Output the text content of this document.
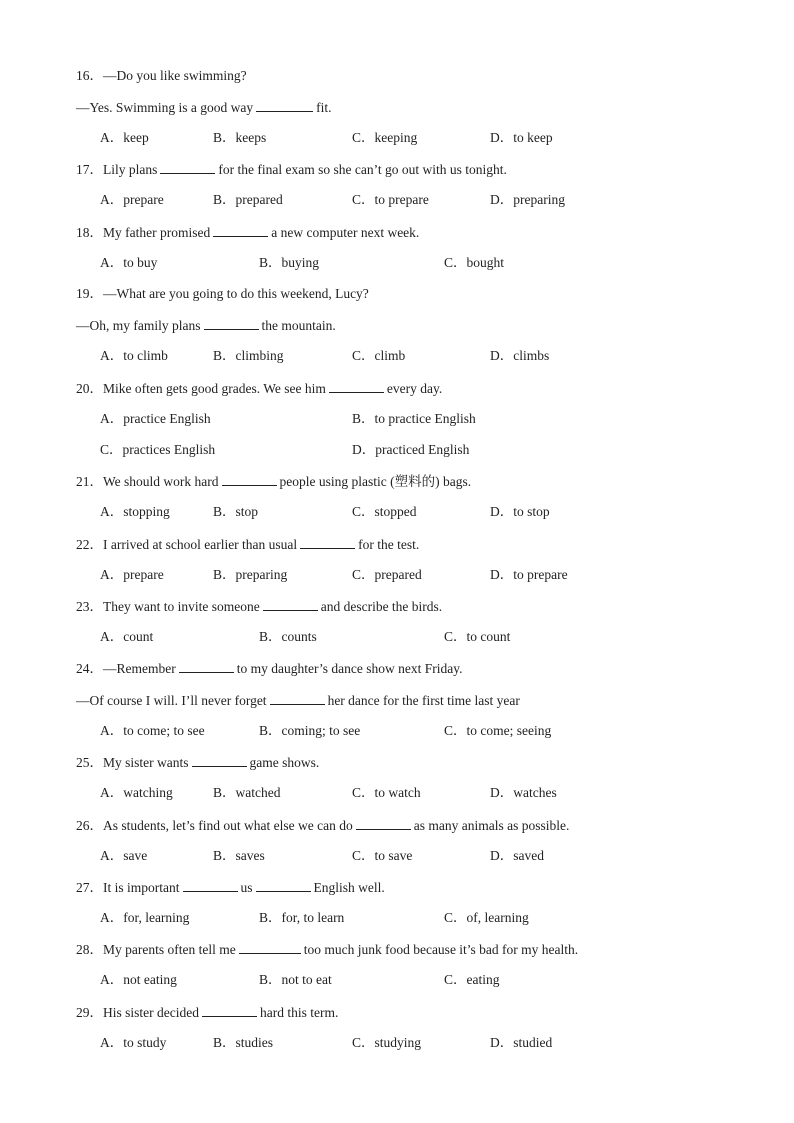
16．—Do you like swimming?
—Yes. Swimming is a good way	fit.
A．keep	B．keeps	C．keeping	D．to keep
17．Lily plans	for the final exam so she can’t go out with us tonight.
A．prepare	B．prepared	C．to prepare	D．preparing
18．My father promised	a new computer next week.
A．to buy	B．buying	C．bought
19．—What are you going to do this weekend, Lucy?
—Oh, my family plans	the mountain.
A．to climb	B．climbing	C．climb	D．climbs
20．Mike often gets good grades. We see him	every day.
A．practice English	B．to practice English
C．practices English	D．practiced English
21．We should work hard	people using plastic (塑料的) bags.
A．stopping	B．stop	C．stopped	D．to stop
22．I arrived at school earlier than usual	for the test.
A．prepare	B．preparing	C．prepared	D．to prepare
23．They want to invite someone	and describe the birds.
A．count	B．counts	C．to count
24．—Remember	to my daughter’s dance show next Friday.
—Of course I will. I’ll never forget	her dance for the first time last year
A．to come; to see	B．coming; to see	C．to come; seeing
25．My sister wants	game shows.
A．watching	B．watched	C．to watch	D．watches
26．As students, let’s find out what else we can do	as many animals as possible.
A．save	B．saves	C．to save	D．saved
27．It is important	us	English well.
A．for, learning	B．for, to learn	C．of, learning
28．My parents often tell me	too much junk food because it’s bad for my health.
A．not eating	B．not to eat	C．eating
29．His sister decided	hard this term.
A．to study	B．studies	C．studying	D．studied
